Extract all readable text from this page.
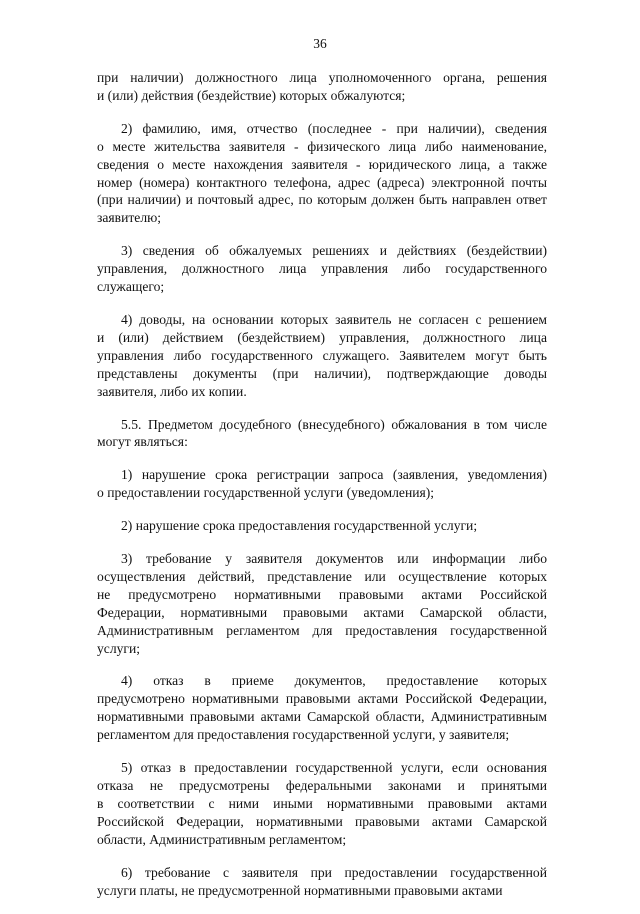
36
при наличии) должностного лица уполномоченного органа, решения
и (или) действия (бездействие) которых обжалуются;
2) фамилию, имя, отчество (последнее - при наличии), сведения
о месте жительства заявителя - физического лица либо наименование,
сведения о месте нахождения заявителя - юридического лица, а также
номер (номера) контактного телефона, адрес (адреса) электронной почты
(при наличии) и почтовый адрес, по которым должен быть направлен ответ
заявителю;
3) сведения об обжалуемых решениях и действиях (бездействии)
управления, должностного лица управления либо государственного
служащего;
4) доводы, на основании которых заявитель не согласен с решением
и (или) действием (бездействием) управления, должностного лица
управления либо государственного служащего. Заявителем могут быть
представлены документы (при наличии), подтверждающие доводы
заявителя, либо их копии.
5.5. Предметом досудебного (внесудебного) обжалования в том числе
могут являться:
1) нарушение срока регистрации запроса (заявления, уведомления)
о предоставлении государственной услуги (уведомления);
2) нарушение срока предоставления государственной услуги;
3) требование у заявителя документов или информации либо
осуществления действий, представление или осуществление которых
не предусмотрено нормативными правовыми актами Российской
Федерации, нормативными правовыми актами Самарской области,
Административным регламентом для предоставления государственной
услуги;
4) отказ в приеме документов, предоставление которых
предусмотрено нормативными правовыми актами Российской Федерации,
нормативными правовыми актами Самарской области, Административным
регламентом для предоставления государственной услуги, у заявителя;
5) отказ в предоставлении государственной услуги, если основания
отказа не предусмотрены федеральными законами и принятыми
в соответствии с ними иными нормативными правовыми актами
Российской Федерации, нормативными правовыми актами Самарской
области, Административным регламентом;
6) требование с заявителя при предоставлении государственной
услуги платы, не предусмотренной нормативными правовыми актами
